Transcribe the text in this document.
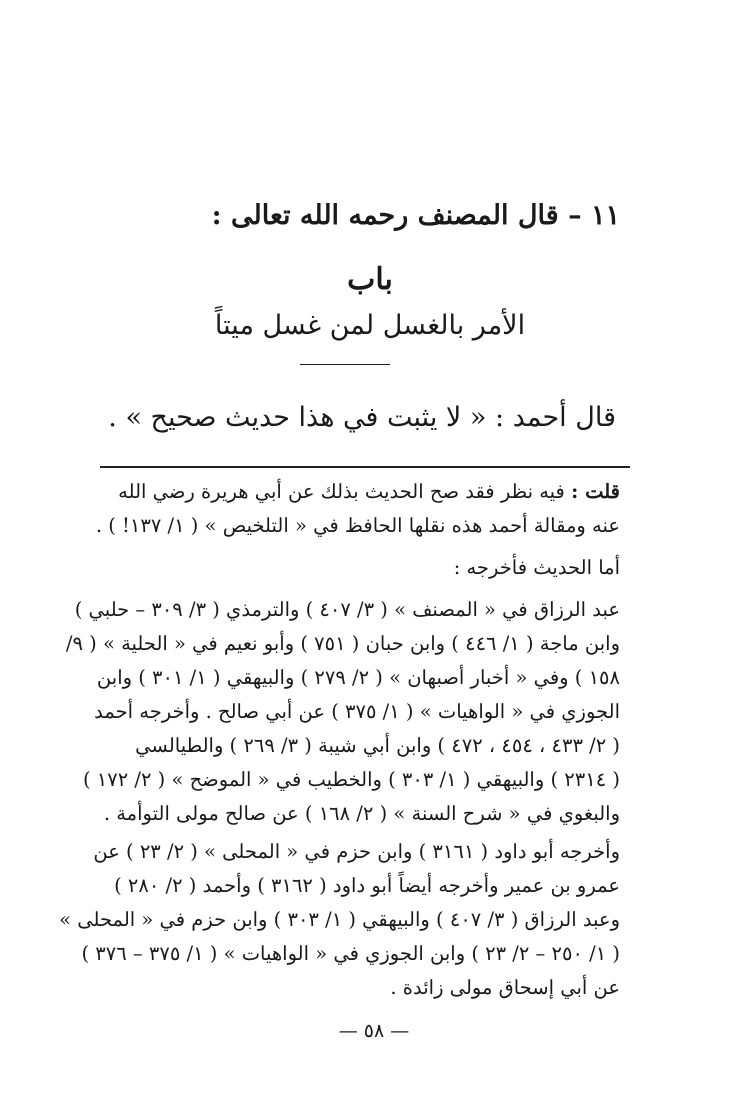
١١ – قال المصنف رحمه الله تعالى :
باب
الأمر بالغسل لمن غسل ميتاً
قال أحمد : « لا يثبت في هذا حديث صحيح » .
قلت : فيه نظر فقد صح الحديث بذلك عن أبي هريرة رضي الله
عنه ومقالة أحمد هذه نقلها الحافظ في « التلخيص » ( ١/ ١٣٧! ) .
أما الحديث فأخرجه :
عبد الرزاق في « المصنف » ( ٣/ ٤٠٧ ) والترمذي ( ٣/ ٣٠٩ – حلبي )
وابن ماجة ( ١/ ٤٤٦ ) وابن حبان ( ٧٥١ ) وأبو نعيم في « الحلية » ( ٩/
١٥٨ ) وفي « أخبار أصبهان » ( ٢/ ٢٧٩ ) والبيهقي ( ١/ ٣٠١ ) وابن
الجوزي في « الواهيات » ( ١/ ٣٧٥ ) عن أبي صالح . وأخرجه أحمد
( ٢/ ٤٣٣ ، ٤٥٤ ، ٤٧٢ ) وابن أبي شيبة ( ٣/ ٢٦٩ ) والطيالسي
( ٢٣١٤ ) والبيهقي ( ١/ ٣٠٣ ) والخطيب في « الموضح » ( ٢/ ١٧٢ )
والبغوي في « شرح السنة » ( ٢/ ١٦٨ ) عن صالح مولى التوأمة .
وأخرجه أبو داود ( ٣١٦١ ) وابن حزم في « المحلى » ( ٢/ ٢٣ ) عن
عمرو بن عمير وأخرجه أيضاً أبو داود ( ٣١٦٢ ) وأحمد ( ٢/ ٢٨٠ )
وعبد الرزاق ( ٣/ ٤٠٧ ) والبيهقي ( ١/ ٣٠٣ ) وابن حزم في « المحلى »
( ١/ ٢٥٠ – ٢/ ٢٣ ) وابن الجوزي في « الواهيات » ( ١/ ٣٧٥ – ٣٧٦ )
عن أبي إسحاق مولى زائدة .
— ٥٨ —
